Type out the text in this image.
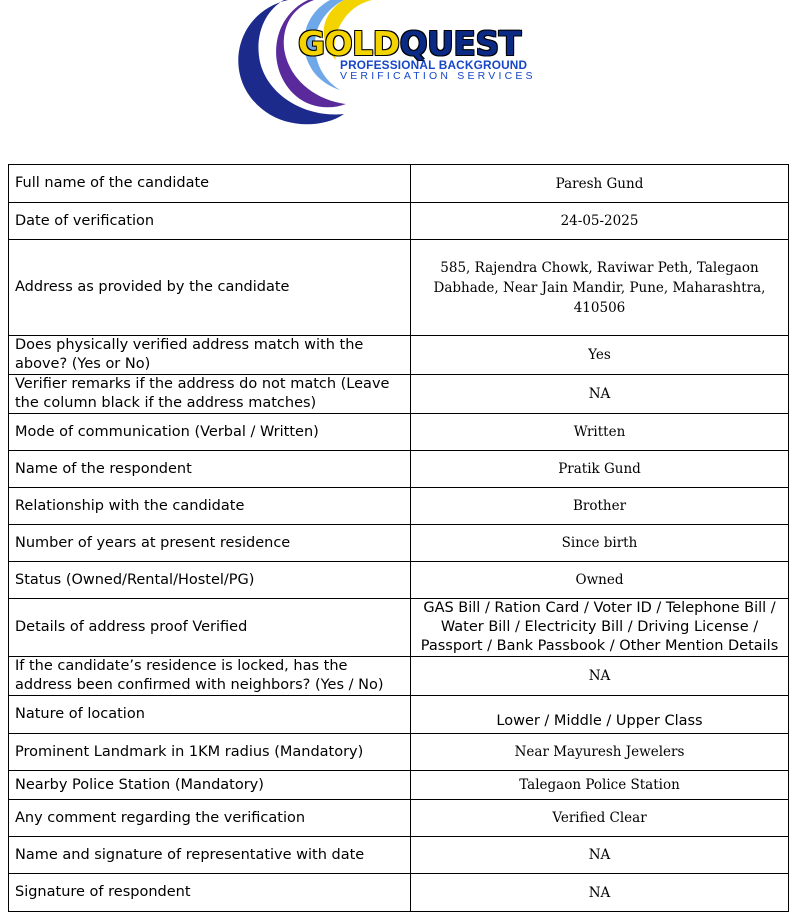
GOLDQUEST
PROFESSIONAL BACKGROUND
VERIFICATION SERVICES
Full name of the candidate	Paresh Gund
Date of verification	24-05-2025
Address as provided by the candidate	585, Rajendra Chowk, Raviwar Peth, Talegaon Dabhade, Near Jain Mandir, Pune, Maharashtra, 410506
Does physically verified address match with the above? (Yes or No)	Yes
Verifier remarks if the address do not match (Leave the column black if the address matches)	NA
Mode of communication (Verbal / Written)	Written
Name of the respondent	Pratik Gund
Relationship with the candidate	Brother
Number of years at present residence	Since birth
Status (Owned/Rental/Hostel/PG)	Owned
Details of address proof Verified	GAS Bill / Ration Card / Voter ID / Telephone Bill / Water Bill / Electricity Bill / Driving License / Passport / Bank Passbook / Other Mention Details
If the candidate’s residence is locked, has the address been confirmed with neighbors? (Yes / No)	NA
Nature of location	Lower / Middle / Upper Class
Prominent Landmark in 1KM radius (Mandatory)	Near Mayuresh Jewelers
Nearby Police Station (Mandatory)	Talegaon Police Station
Any comment regarding the verification	Verified Clear
Name and signature of representative with date	NA
Signature of respondent	NA
